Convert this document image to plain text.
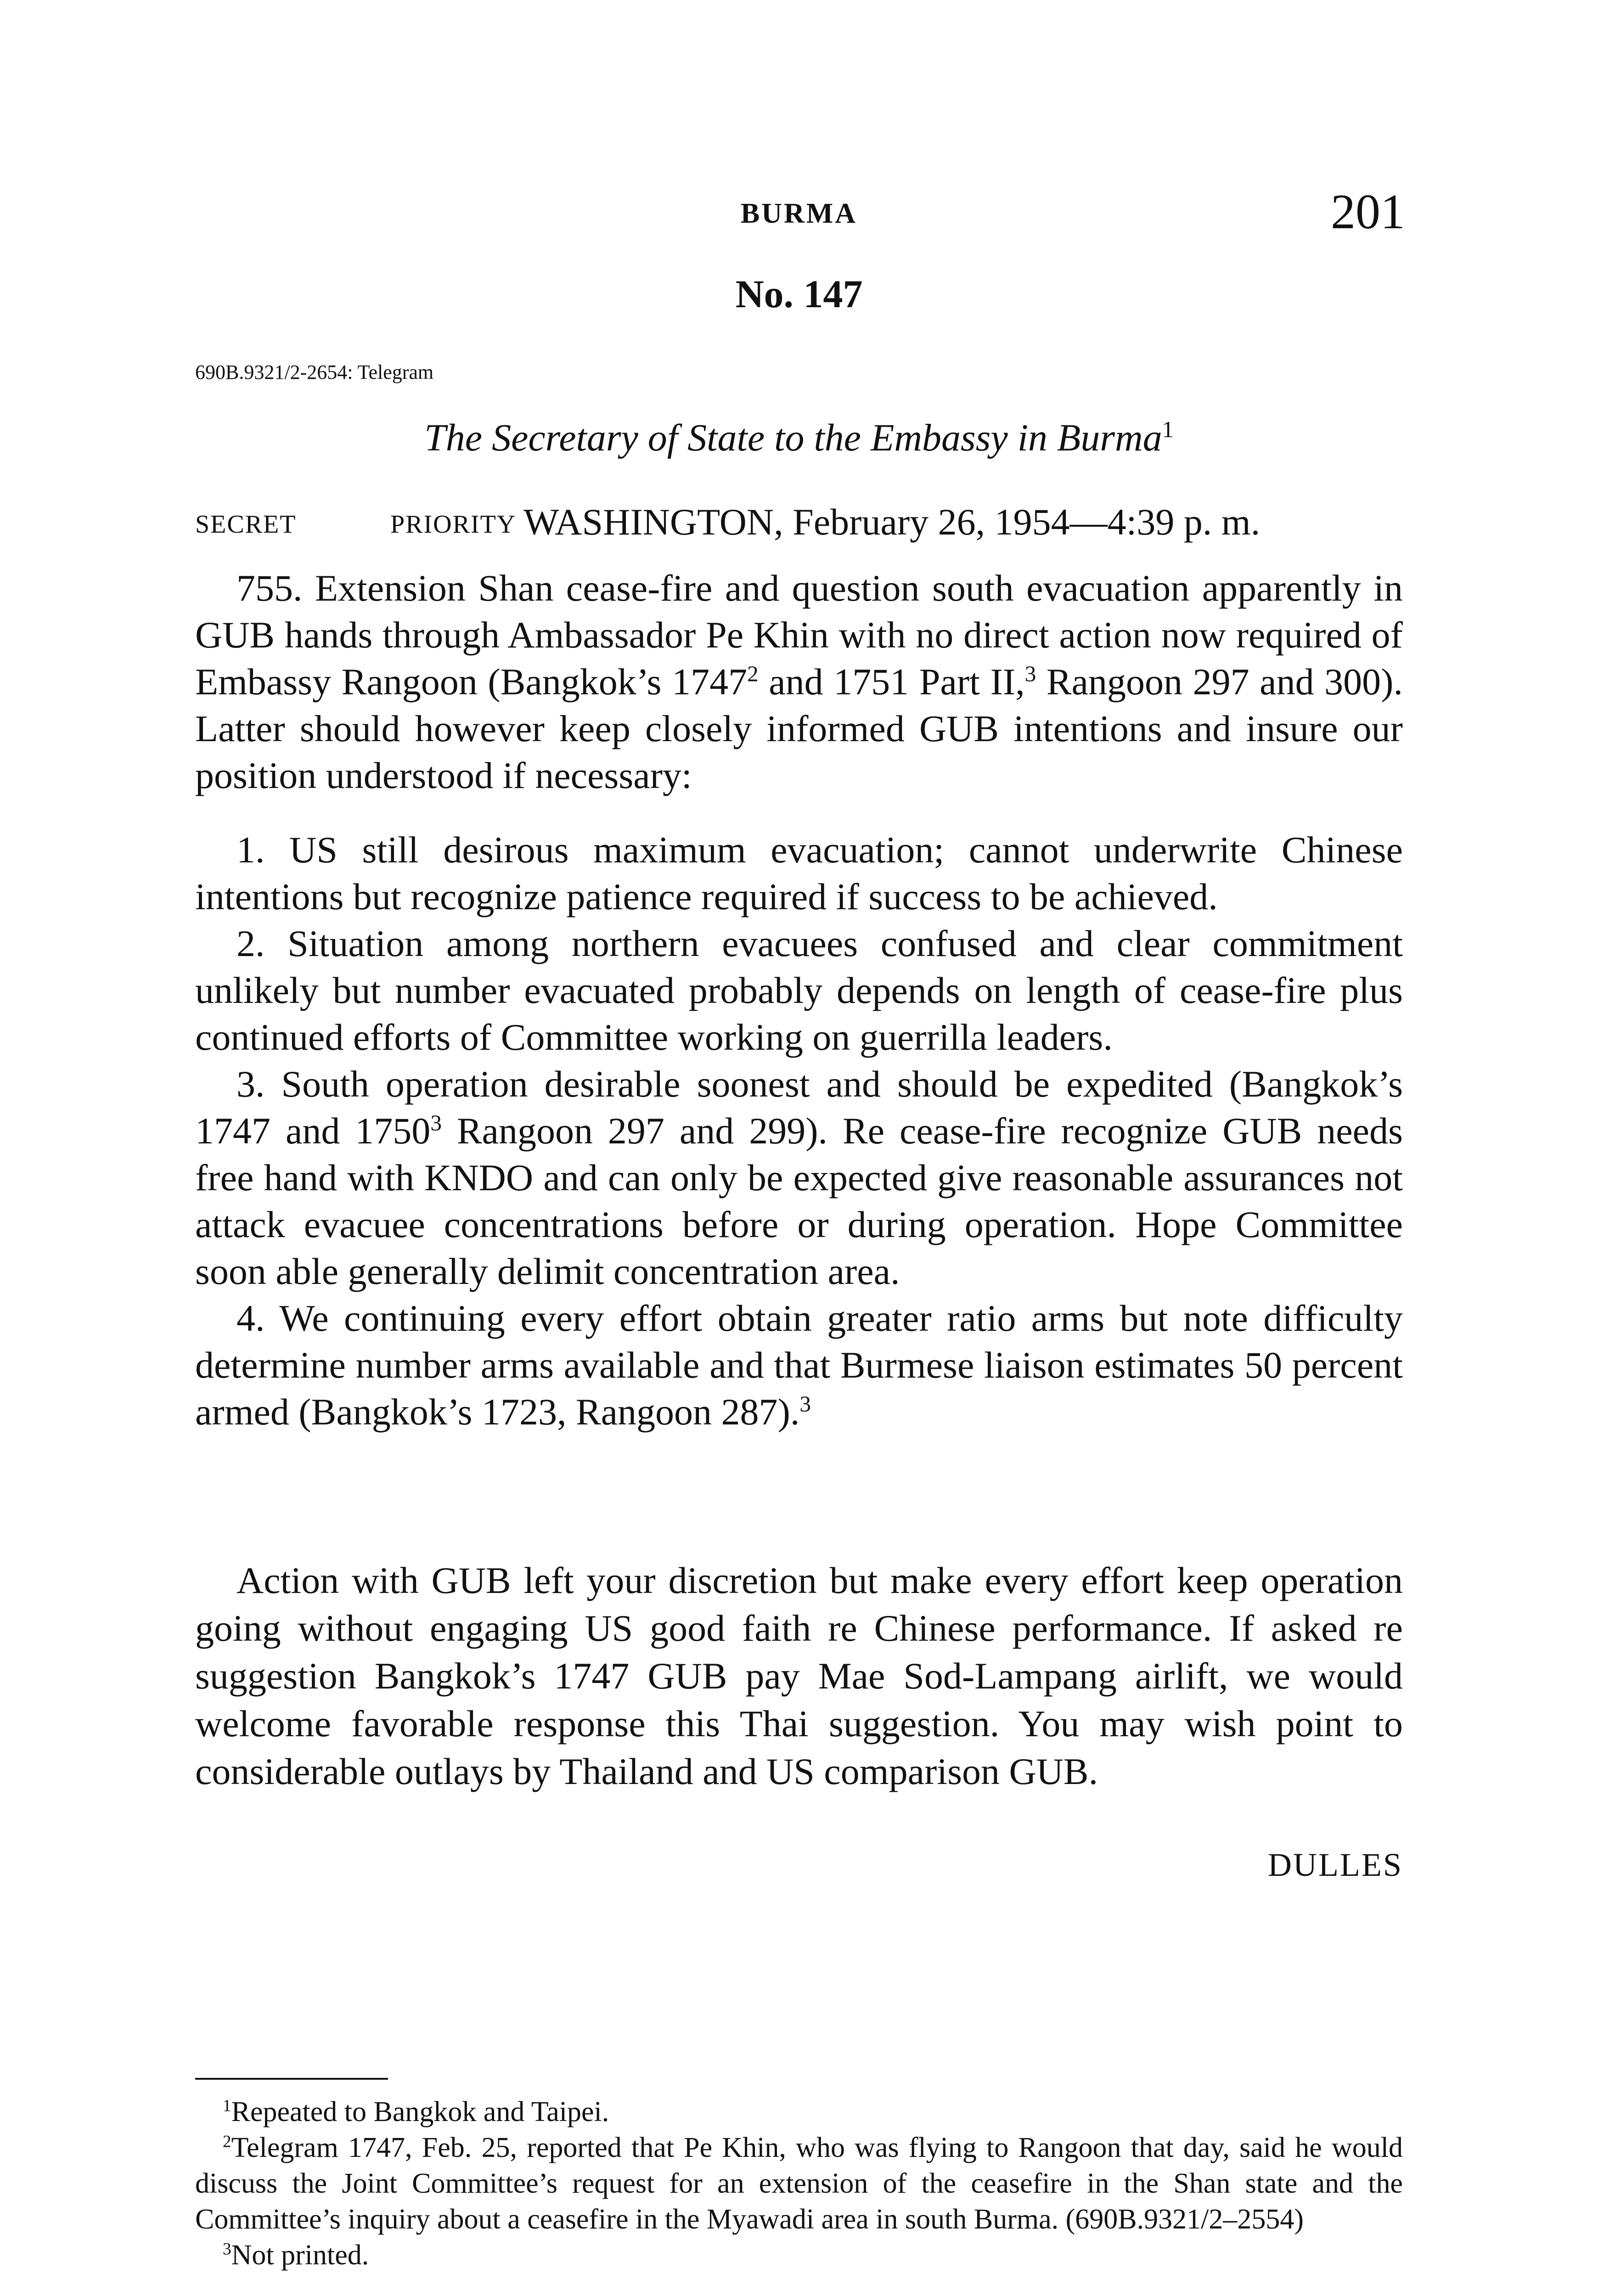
BURMA	201
No. 147
690B.9321/2-2654: Telegram
The Secretary of State to the Embassy in Burma$^1$
SECRET	PRIORITY WASHINGTON, February 26, 1954—4:39 p. m.

755. Extension Shan cease-fire and question south evacuation apparently in GUB hands through Ambassador Pe Khin with no direct action now required of Embassy Rangoon (Bangkok’s 1747$^2$ and 1751 Part II,$^3$ Rangoon 297 and 300). Latter should however keep closely informed GUB intentions and insure our position understood if necessary:

1. US still desirous maximum evacuation; cannot underwrite Chinese intentions but recognize patience required if success to be achieved.

2. Situation among northern evacuees confused and clear commitment unlikely but number evacuated probably depends on length of cease-fire plus continued efforts of Committee working on guerrilla leaders.

3. South operation desirable soonest and should be expedited (Bangkok’s 1747 and 1750$^3$ Rangoon 297 and 299). Re cease-fire recognize GUB needs free hand with KNDO and can only be expected give reasonable assurances not attack evacuee concentrations before or during operation. Hope Committee soon able generally delimit concentration area.

4. We continuing every effort obtain greater ratio arms but note difficulty determine number arms available and that Burmese liaison estimates 50 percent armed (Bangkok’s 1723, Rangoon 287).$^3$

Action with GUB left your discretion but make every effort keep operation going without engaging US good faith re Chinese performance. If asked re suggestion Bangkok’s 1747 GUB pay Mae Sod-Lampang airlift, we would welcome favorable response this Thai suggestion. You may wish point to considerable outlays by Thailand and US comparison GUB.

DULLES

$^1$Repeated to Bangkok and Taipei.

$^2$Telegram 1747, Feb. 25, reported that Pe Khin, who was flying to Rangoon that day, said he would discuss the Joint Committee’s request for an extension of the ceasefire in the Shan state and the Committee’s inquiry about a ceasefire in the Myawadi area in south Burma. (690B.9321/2–2554)

$^3$Not printed.
